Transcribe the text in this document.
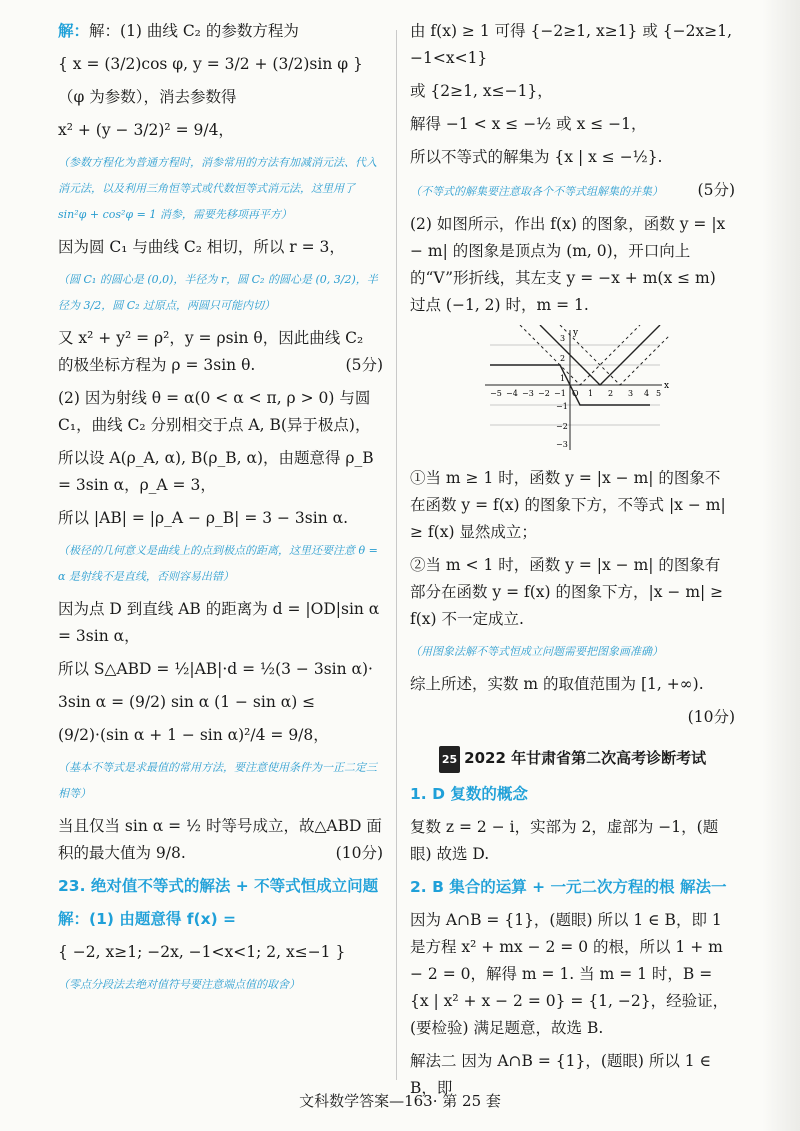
解：解：(1) 曲线 C₂ 的参数方程为

{ x = (3/2)cos φ, y = 3/2 + (3/2)sin φ }

（φ 为参数），消去参数得

x² + (y − 3/2)² = 9/4，

（参数方程化为普通方程时，消参常用的方法有加减消元法、代入消元法，以及利用三角恒等式或代数恒等式消元法，这里用了 sin²φ + cos²φ = 1 消参，需要先移项再平方）

因为圆 C₁ 与曲线 C₂ 相切，所以 r = 3，

（圆 C₁ 的圆心是 (0,0)，半径为 r，圆 C₂ 的圆心是 (0, 3/2)，半径为 3/2，圆 C₂ 过原点，两圆只可能内切）

又 x² + y² = ρ²，y = ρsin θ，因此曲线 C₂ 的极坐标方程为 ρ = 3sin θ.	(5分)

(2) 因为射线 θ = α(0 < α < π, ρ > 0) 与圆 C₁，曲线 C₂ 分别相交于点 A, B(异于极点)，

所以设 A(ρ_A, α), B(ρ_B, α)，由题意得 ρ_B = 3sin α，ρ_A = 3，

所以 |AB| = |ρ_A − ρ_B| = 3 − 3sin α.

（极径的几何意义是曲线上的点到极点的距离，这里还要注意 θ = α 是射线不是直线，否则容易出错）

因为点 D 到直线 AB 的距离为 d = |OD|sin α = 3sin α，

所以 S△ABD = ½|AB|·d = ½(3 − 3sin α)·

3sin α = (9/2) sin α (1 − sin α) ≤

(9/2)·(sin α + 1 − sin α)²/4 = 9/8，

（基本不等式是求最值的常用方法，要注意使用条件为一正二定三相等）

当且仅当 sin α = ½ 时等号成立，故△ABD 面积的最大值为 9/8.	(10分)

23. 绝对值不等式的解法 + 不等式恒成立问题

解：(1) 由题意得 f(x) =

{ −2, x≥1; −2x, −1<x<1; 2, x≤−1 }

（零点分段法去绝对值符号要注意端点值的取舍）

由 f(x) ≥ 1 可得 {−2≥1, x≥1} 或 {−2x≥1, −1<x<1}

或 {2≥1, x≤−1}，

解得 −1 < x ≤ −½ 或 x ≤ −1，

所以不等式的解集为 {x | x ≤ −½}.

（不等式的解集要注意取各个不等式组解集的并集） (5分)

(2) 如图所示，作出 f(x) 的图象，函数 y = |x − m| 的图象是顶点为 (m, 0)，开口向上的“V”形折线，其左支 y = −x + m(x ≤ m) 过点 (−1, 2) 时，m = 1.

x
y
−5 −4 −3 −2 −1 O 1 2 3 4 5
3
2
1
−1
−2
−3

①当 m ≥ 1 时，函数 y = |x − m| 的图象不在函数 y = f(x) 的图象下方，不等式 |x − m| ≥ f(x) 显然成立；

②当 m < 1 时，函数 y = |x − m| 的图象有部分在函数 y = f(x) 的图象下方，|x − m| ≥ f(x) 不一定成立.

（用图象法解不等式恒成立问题需要把图象画准确）

综上所述，实数 m 的取值范围为 [1, +∞).

(10分)

25 2022 年甘肃省第二次高考诊断考试

1. D 复数的概念

复数 z = 2 − i，实部为 2，虚部为 −1，(题眼) 故选 D.

2. B 集合的运算 + 一元二次方程的根 解法一

因为 A∩B = {1}，(题眼) 所以 1 ∈ B，即 1 是方程 x² + mx − 2 = 0 的根，所以 1 + m − 2 = 0，解得 m = 1. 当 m = 1 时，B = {x | x² + x − 2 = 0} = {1, −2}，经验证，(要检验) 满足题意，故选 B.

解法二 因为 A∩B = {1}，(题眼) 所以 1 ∈ B，即

文科数学答案—163· 第 25 套
